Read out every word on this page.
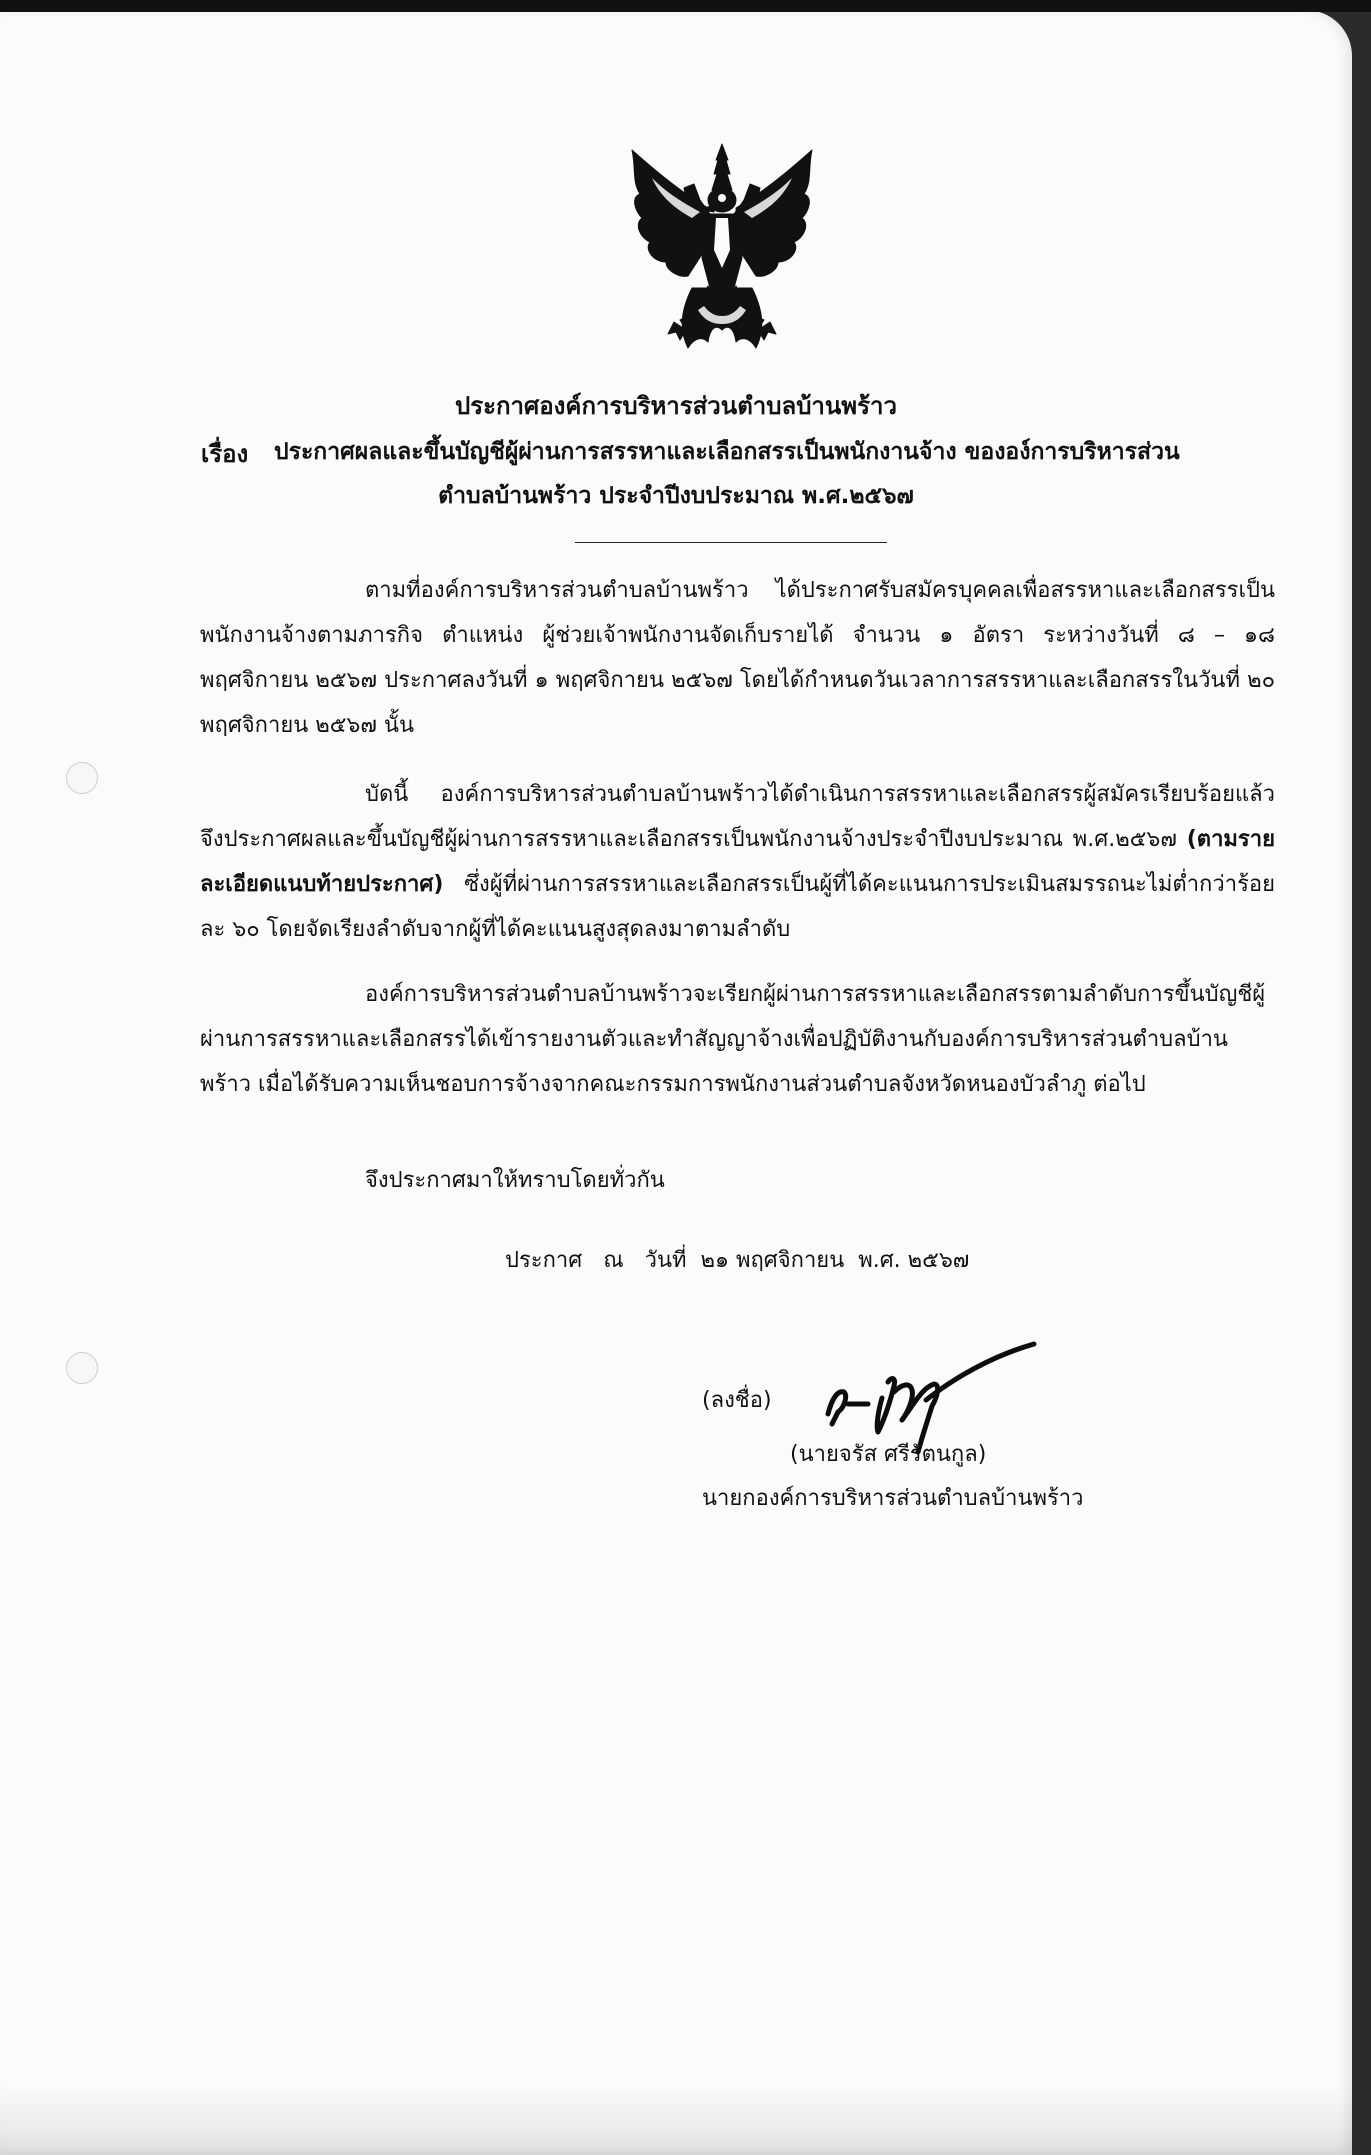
ประกาศองค์การบริหารส่วนตำบลบ้านพร้าว
เรื่อง ประกาศผลและขึ้นบัญชีผู้ผ่านการสรรหาและเลือกสรรเป็นพนักงานจ้าง ขององ์การบริหารส่วน
ตำบลบ้านพร้าว ประจำปีงบประมาณ พ.ศ.๒๕๖๗

ตามที่องค์การบริหารส่วนตำบลบ้านพร้าว ได้ประกาศรับสมัครบุคคลเพื่อสรรหาและเลือกสรรเป็นพนักงานจ้างตามภารกิจ ตำแหน่ง ผู้ช่วยเจ้าพนักงานจัดเก็บรายได้ จำนวน ๑ อัตรา ระหว่างวันที่ ๘ – ๑๘ พฤศจิกายน ๒๕๖๗ ประกาศลงวันที่ ๑ พฤศจิกายน ๒๕๖๗ โดยได้กำหนดวันเวลาการสรรหาและเลือกสรรในวันที่ ๒๐ พฤศจิกายน ๒๕๖๗ นั้น

บัดนี้ องค์การบริหารส่วนตำบลบ้านพร้าวได้ดำเนินการสรรหาและเลือกสรรผู้สมัครเรียบร้อยแล้ว จึงประกาศผลและขึ้นบัญชีผู้ผ่านการสรรหาและเลือกสรรเป็นพนักงานจ้างประจำปีงบประมาณ พ.ศ.๒๕๖๗ (ตามรายละเอียดแนบท้ายประกาศ) ซึ่งผู้ที่ผ่านการสรรหาและเลือกสรรเป็นผู้ที่ได้คะแนนการประเมินสมรรถนะไม่ต่ำกว่าร้อยละ ๖๐ โดยจัดเรียงลำดับจากผู้ที่ได้คะแนนสูงสุดลงมาตามลำดับ

องค์การบริหารส่วนตำบลบ้านพร้าวจะเรียกผู้ผ่านการสรรหาและเลือกสรรตามลำดับการขึ้นบัญชีผู้ผ่านการสรรหาและเลือกสรรได้เข้ารายงานตัวและทำสัญญาจ้างเพื่อปฏิบัติงานกับองค์การบริหารส่วนตำบลบ้านพร้าว เมื่อได้รับความเห็นชอบการจ้างจากคณะกรรมการพนักงานส่วนตำบลจังหวัดหนองบัวลำภู ต่อไป

จึงประกาศมาให้ทราบโดยทั่วกัน
ประกาศ   ณ   วันที่  ๒๑ พฤศจิกายน  พ.ศ. ๒๕๖๗
(ลงชื่อ)
(นายจรัส ศรีรัตนกูล)
นายกองค์การบริหารส่วนตำบลบ้านพร้าว
